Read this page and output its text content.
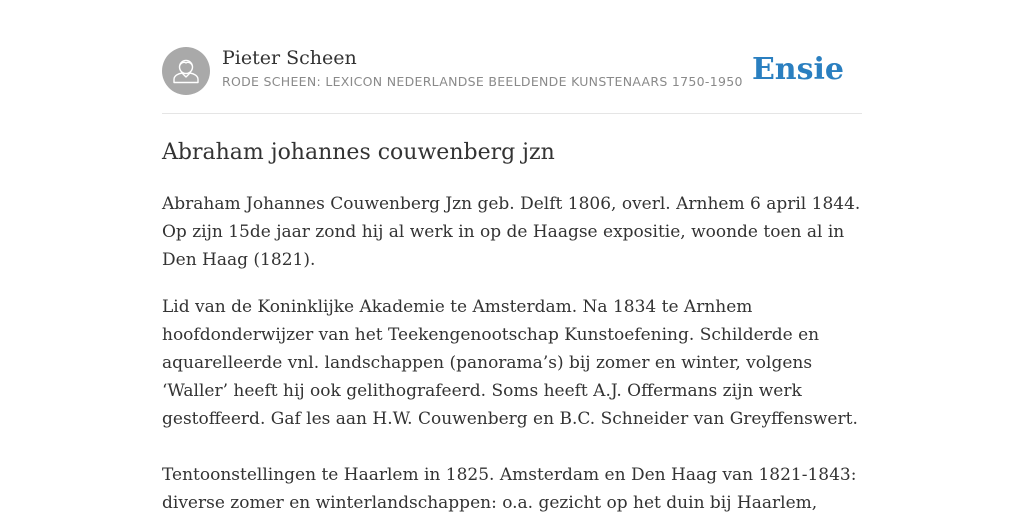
Pieter Scheen
RODE SCHEEN: LEXICON NEDERLANDSE BEELDENDE KUNSTENAARS 1750-1950 Ensie
Abraham johannes couwenberg jzn

Abraham Johannes Couwenberg Jzn geb. Delft 1806, overl. Arnhem 6 april 1844. Op zijn 15de jaar zond hij al werk in op de Haagse expositie, woonde toen al in Den Haag (1821).

Lid van de Koninklijke Akademie te Amsterdam. Na 1834 te Arnhem hoofdonderwijzer van het Teekengenootschap Kunstoefening. Schilderde en aquarelleerde vnl. landschappen (panorama’s) bij zomer en winter, volgens ‘Waller’ heeft hij ook gelithografeerd. Soms heeft A.J. Offermans zijn werk gestoffeerd. Gaf les aan H.W. Couwenberg en B.C. Schneider van Greyffenswert.

Tentoonstellingen te Haarlem in 1825. Amsterdam en Den Haag van 1821-1843: diverse zomer en winterlandschappen: o.a. gezicht op het duin bij Haarlem,
